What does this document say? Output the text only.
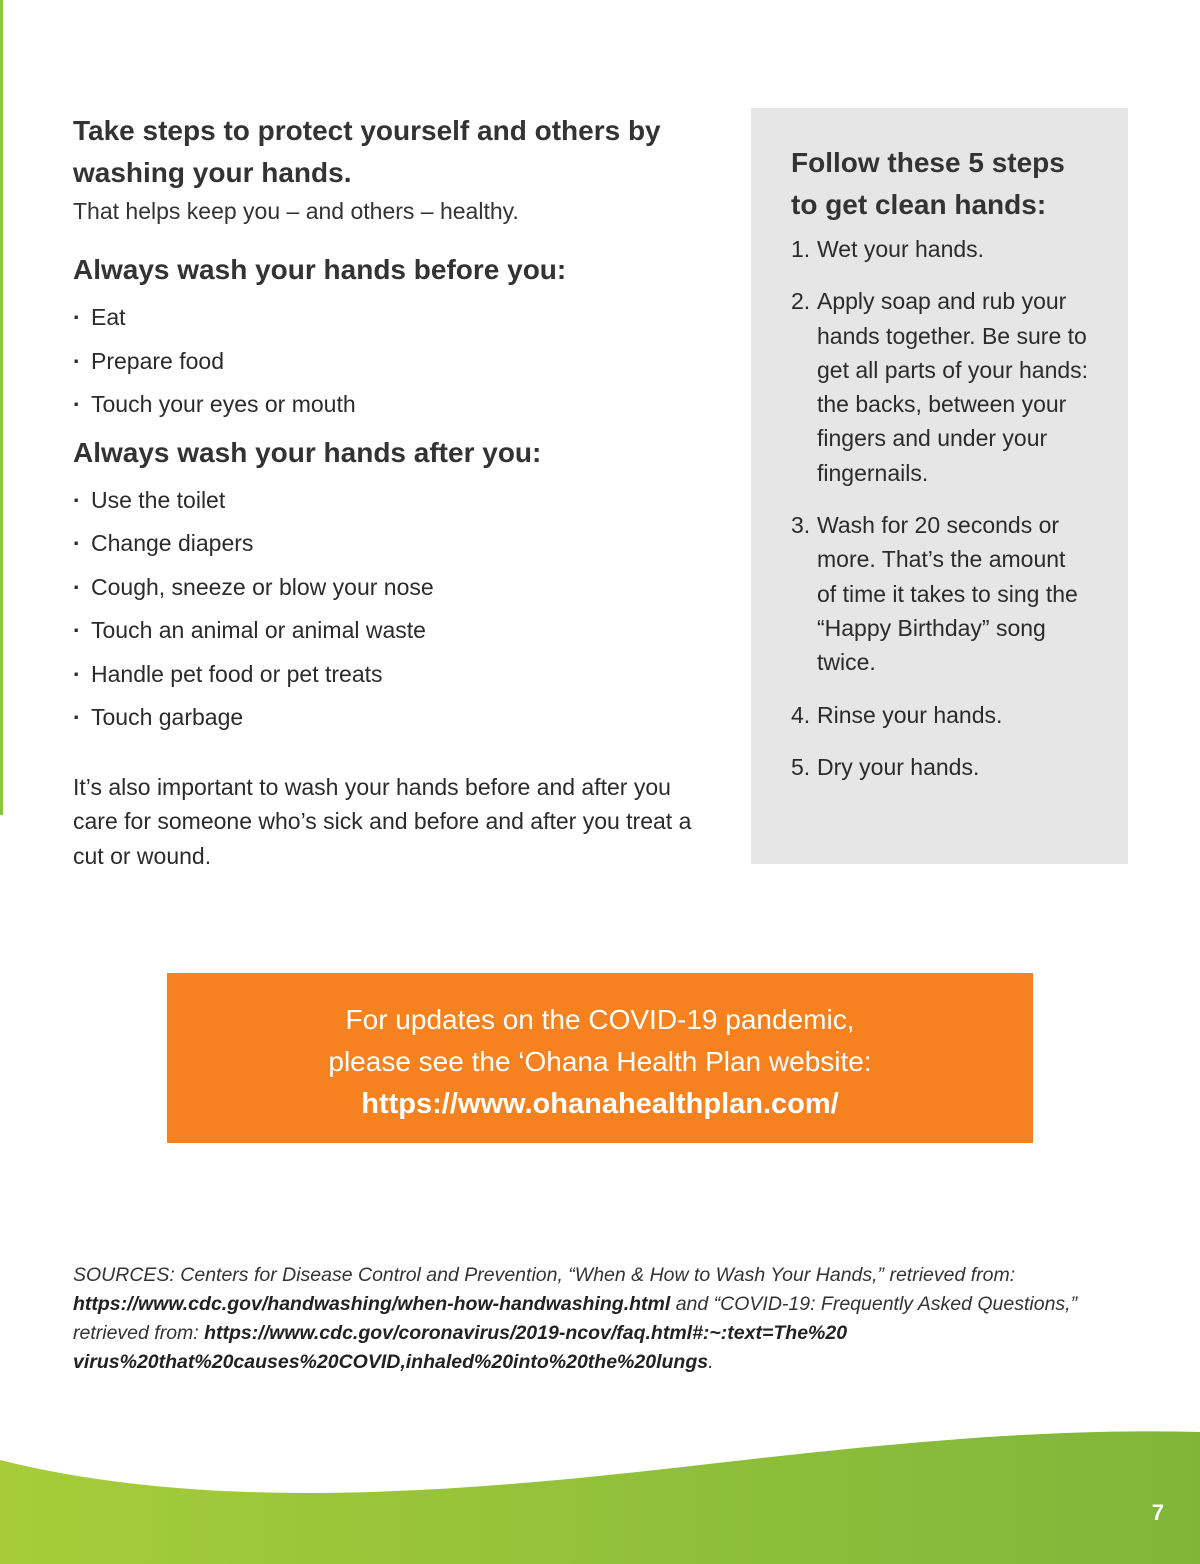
Take steps to protect yourself and others by washing your hands.

That helps keep you – and others – healthy.

Always wash your hands before you:

· Eat
· Prepare food
· Touch your eyes or mouth

Always wash your hands after you:

· Use the toilet
· Change diapers
· Cough, sneeze or blow your nose
· Touch an animal or animal waste
· Handle pet food or pet treats
· Touch garbage

It’s also important to wash your hands before and after you care for someone who’s sick and before and after you treat a cut or wound.

Follow these 5 steps to get clean hands:

1. Wet your hands.
2. Apply soap and rub your hands together. Be sure to get all parts of your hands: the backs, between your fingers and under your fingernails.
3. Wash for 20 seconds or more. That’s the amount of time it takes to sing the “Happy Birthday” song twice.
4. Rinse your hands.
5. Dry your hands.
For updates on the COVID-19 pandemic,
please see the ‘Ohana Health Plan website:
https://www.ohanahealthplan.com/
SOURCES: Centers for Disease Control and Prevention, “When & How to Wash Your Hands,” retrieved from: https://www.cdc.gov/handwashing/when-how-handwashing.html and “COVID-19: Frequently Asked Questions,” retrieved from: https://www.cdc.gov/coronavirus/2019-ncov/faq.html#:~:text=The%20 virus%20that%20causes%20COVID,inhaled%20into%20the%20lungs.
7
